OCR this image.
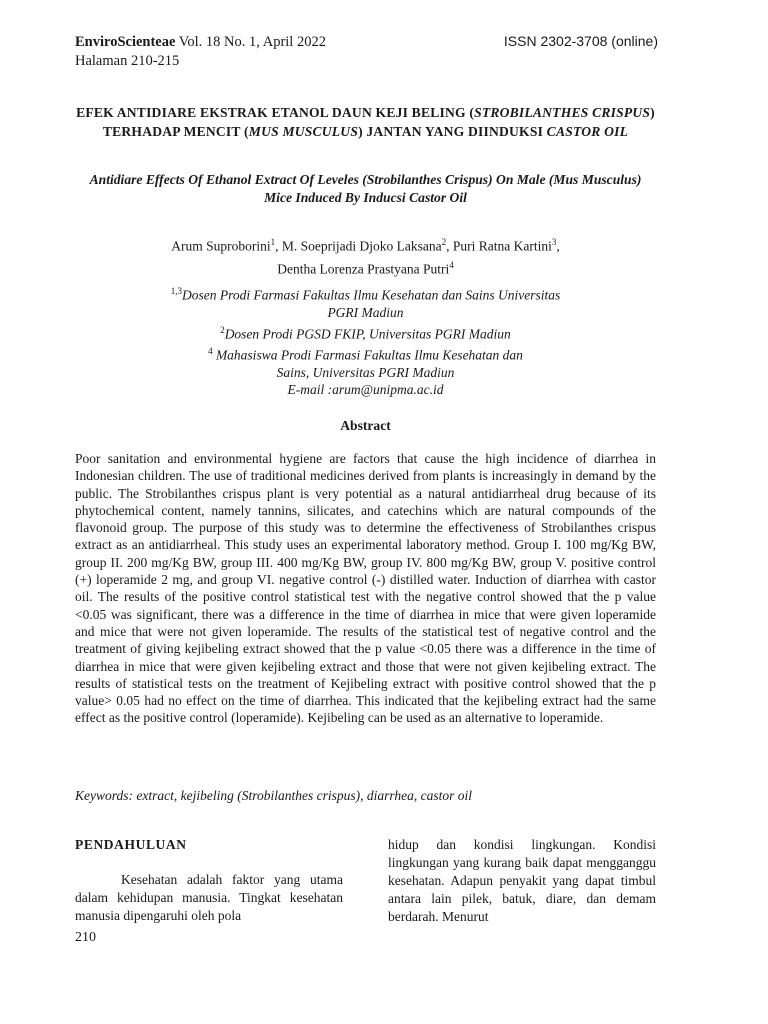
EnviroScienteae Vol. 18 No. 1, April 2022
Halaman 210-215
ISSN 2302-3708 (online)
EFEK ANTIDIARE EKSTRAK ETANOL DAUN KEJI BELING (STROBILANTHES CRISPUS) TERHADAP MENCIT (MUS MUSCULUS) JANTAN YANG DIINDUKSI CASTOR OIL
Antidiare Effects Of Ethanol Extract Of Leveles (Strobilanthes Crispus) On Male (Mus Musculus) Mice Induced By Inducsi Castor Oil
Arum Suproborini$^1$, M. Soeprijadi Djoko Laksana$^2$, Puri Ratna Kartini$^3$,
Dentha Lorenza Prastyana Putri$^4$
$^{1,3}$Dosen Prodi Farmasi Fakultas Ilmu Kesehatan dan Sains Universitas
PGRI Madiun
$^2$Dosen Prodi PGSD FKIP, Universitas PGRI Madiun
$^4$ Mahasiswa Prodi Farmasi Fakultas Ilmu Kesehatan dan
Sains, Universitas PGRI Madiun
E-mail :arum@unipma.ac.id
Abstract
Poor sanitation and environmental hygiene are factors that cause the high incidence of diarrhea in Indonesian children. The use of traditional medicines derived from plants is increasingly in demand by the public. The Strobilanthes crispus plant is very potential as a natural antidiarrheal drug because of its phytochemical content, namely tannins, silicates, and catechins which are natural compounds of the flavonoid group. The purpose of this study was to determine the effectiveness of Strobilanthes crispus extract as an antidiarrheal. This study uses an experimental laboratory method. Group I. 100 mg/Kg BW, group II. 200 mg/Kg BW, group III. 400 mg/Kg BW, group IV. 800 mg/Kg BW, group V. positive control (+) loperamide 2 mg, and group VI. negative control (-) distilled water. Induction of diarrhea with castor oil. The results of the positive control statistical test with the negative control showed that the p value <0.05 was significant, there was a difference in the time of diarrhea in mice that were given loperamide and mice that were not given loperamide. The results of the statistical test of negative control and the treatment of giving kejibeling extract showed that the p value <0.05 there was a difference in the time of diarrhea in mice that were given kejibeling extract and those that were not given kejibeling extract. The results of statistical tests on the treatment of Kejibeling extract with positive control showed that the p value> 0.05 had no effect on the time of diarrhea. This indicated that the kejibeling extract had the same effect as the positive control (loperamide). Kejibeling can be used as an alternative to loperamide.
Keywords: extract, kejibeling (Strobilanthes crispus), diarrhea, castor oil
PENDAHULUAN
Kesehatan adalah faktor yang utama dalam kehidupan manusia. Tingkat kesehatan manusia dipengaruhi oleh pola
hidup dan kondisi lingkungan. Kondisi lingkungan yang kurang baik dapat mengganggu kesehatan. Adapun penyakit yang dapat timbul antara lain pilek, batuk, diare, dan demam berdarah. Menurut
210
